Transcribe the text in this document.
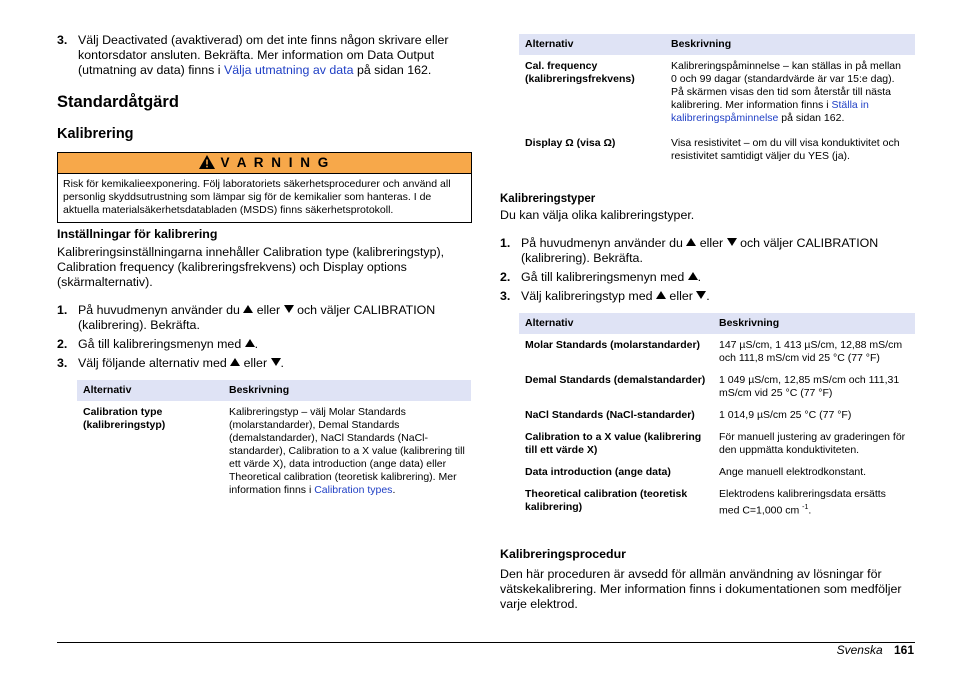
3. Välj Deactivated (avaktiverad) om det inte finns någon skrivare eller kontorsdator ansluten. Bekräfta. Mer information om Data Output (utmatning av data) finns i Välja utmatning av data på sidan 162.
Standardåtgärd
Kalibrering
V A R N I N G
Risk för kemikalieexponering. Följ laboratoriets säkerhetsprocedurer och använd all personlig skyddsutrustning som lämpar sig för de kemikalier som hanteras. I de aktuella materialsäkerhetsdatabladen (MSDS) finns säkerhetsprotokoll.
Inställningar för kalibrering

Kalibreringsinställningarna innehåller Calibration type (kalibreringstyp), Calibration frequency (kalibreringsfrekvens) och Display options (skärmalternativ).

1. På huvudmenyn använder du  eller  och väljer CALIBRATION (kalibrering). Bekräfta.
2. Gå till kalibreringsmenyn med .
3. Välj följande alternativ med  eller .
Alternativ	Beskrivning
Calibration type (kalibreringstyp)	Kalibreringstyp – välj Molar Standards (molarstandarder), Demal Standards (demalstandarder), NaCl Standards (NaCl-standarder), Calibration to a X value (kalibrering till ett värde X), data introduction (ange data) eller Theoretical calibration (teoretisk kalibrering). Mer information finns i Calibration types.
Alternativ	Beskrivning
Cal. frequency (kalibreringsfrekvens)	Kalibreringspåminnelse – kan ställas in på mellan 0 och 99 dagar (standardvärde är var 15:e dag). På skärmen visas den tid som återstår till nästa kalibrering. Mer information finns i Ställa in kalibreringspåminnelse på sidan 162.
Display Ω (visa Ω)	Visa resistivitet – om du vill visa konduktivitet och resistivitet samtidigt väljer du YES (ja).
Kalibreringstyper

Du kan välja olika kalibreringstyper.

1. På huvudmenyn använder du  eller  och väljer CALIBRATION (kalibrering). Bekräfta.
2. Gå till kalibreringsmenyn med .
3. Välj kalibreringstyp med  eller .
Alternativ	Beskrivning
Molar Standards (molarstandarder)	147 µS/cm, 1 413 µS/cm, 12,88 mS/cm och 111,8 mS/cm vid 25 °C (77 °F)
Demal Standards (demalstandarder)	1 049 µS/cm, 12,85 mS/cm och 111,31 mS/cm vid 25 °C (77 °F)
NaCl Standards (NaCl-standarder)	1 014,9 µS/cm 25 °C (77 °F)
Calibration to a X value (kalibrering till ett värde X)	För manuell justering av graderingen för den uppmätta konduktiviteten.
Data introduction (ange data)	Ange manuell elektrodkonstant.
Theoretical calibration (teoretisk kalibrering)	Elektrodens kalibreringsdata ersätts med C=1,000 cm $^{-1}$.
Kalibreringsprocedur

Den här proceduren är avsedd för allmän användning av lösningar för vätskekalibrering. Mer information finns i dokumentationen som medföljer varje elektrod.

Svenska 161
